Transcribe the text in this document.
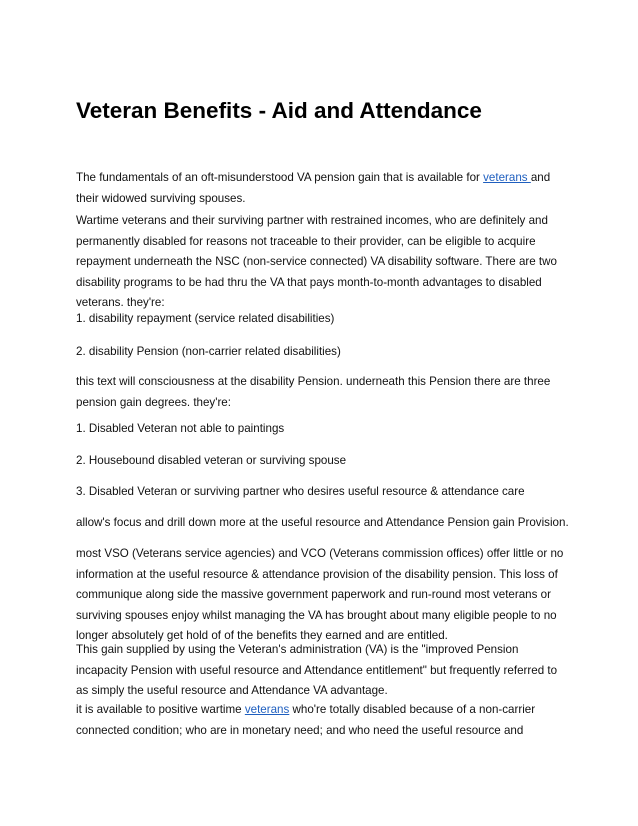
Veteran Benefits - Aid and Attendance

The fundamentals of an oft-misunderstood VA pension gain that is available for veterans and
their widowed surviving spouses.

Wartime veterans and their surviving partner with restrained incomes, who are definitely and
permanently disabled for reasons not traceable to their provider, can be eligible to acquire
repayment underneath the NSC (non-service connected) VA disability software. There are two
disability programs to be had thru the VA that pays month-to-month advantages to disabled
veterans. they're:

1. disability repayment (service related disabilities)

2. disability Pension (non-carrier related disabilities)

this text will consciousness at the disability Pension. underneath this Pension there are three
pension gain degrees. they're:

1. Disabled Veteran not able to paintings

2. Housebound disabled veteran or surviving spouse

3. Disabled Veteran or surviving partner who desires useful resource & attendance care

allow's focus and drill down more at the useful resource and Attendance Pension gain Provision.

most VSO (Veterans service agencies) and VCO (Veterans commission offices) offer little or no
information at the useful resource & attendance provision of the disability pension. This loss of
communique along side the massive government paperwork and run-round most veterans or
surviving spouses enjoy whilst managing the VA has brought about many eligible people to no
longer absolutely get hold of of the benefits they earned and are entitled.

This gain supplied by using the Veteran's administration (VA) is the "improved Pension
incapacity Pension with useful resource and Attendance entitlement" but frequently referred to
as simply the useful resource and Attendance VA advantage.

it is available to positive wartime veterans who're totally disabled because of a non-carrier
connected condition; who are in monetary need; and who need the useful resource and
